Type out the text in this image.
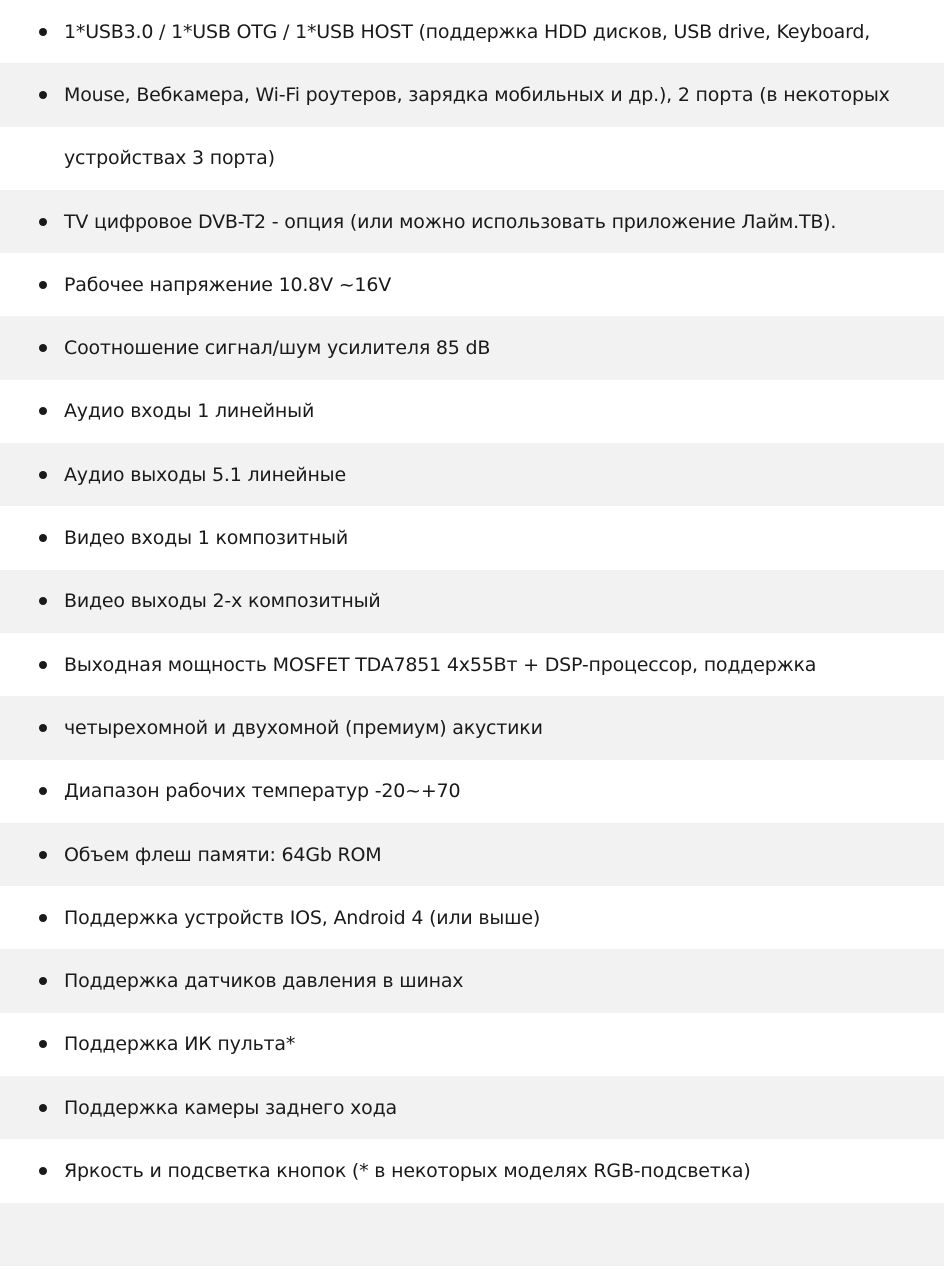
1*USB3.0 / 1*USB OTG / 1*USB HOST (поддержка HDD дисков, USB drive, Keyboard,
Mouse, Вебкамера, Wi-Fi роутеров, зарядка мобильных и др.), 2 порта (в некоторых
устройствах 3 порта)
TV цифровое DVB-T2 - опция (или можно использовать приложение Лайм.ТВ).
Рабочее напряжение 10.8V ~16V
Соотношение сигнал/шум усилителя 85 dB
Аудио входы 1 линейный
Аудио выходы 5.1 линейные
Видео входы 1 композитный
Видео выходы 2-х композитный
Выходная мощность MOSFET TDA7851 4x55Вт + DSP-процессор, поддержка
четырехомной и двухомной (премиум) акустики
Диапазон рабочих температур -20~+70
Объем флеш памяти: 64Gb ROM
Поддержка устройств IOS, Android 4 (или выше)
Поддержка датчиков давления в шинах
Поддержка ИК пульта*
Поддержка камеры заднего хода
Яркость и подсветка кнопок (* в некоторых моделях RGB-подсветка)
